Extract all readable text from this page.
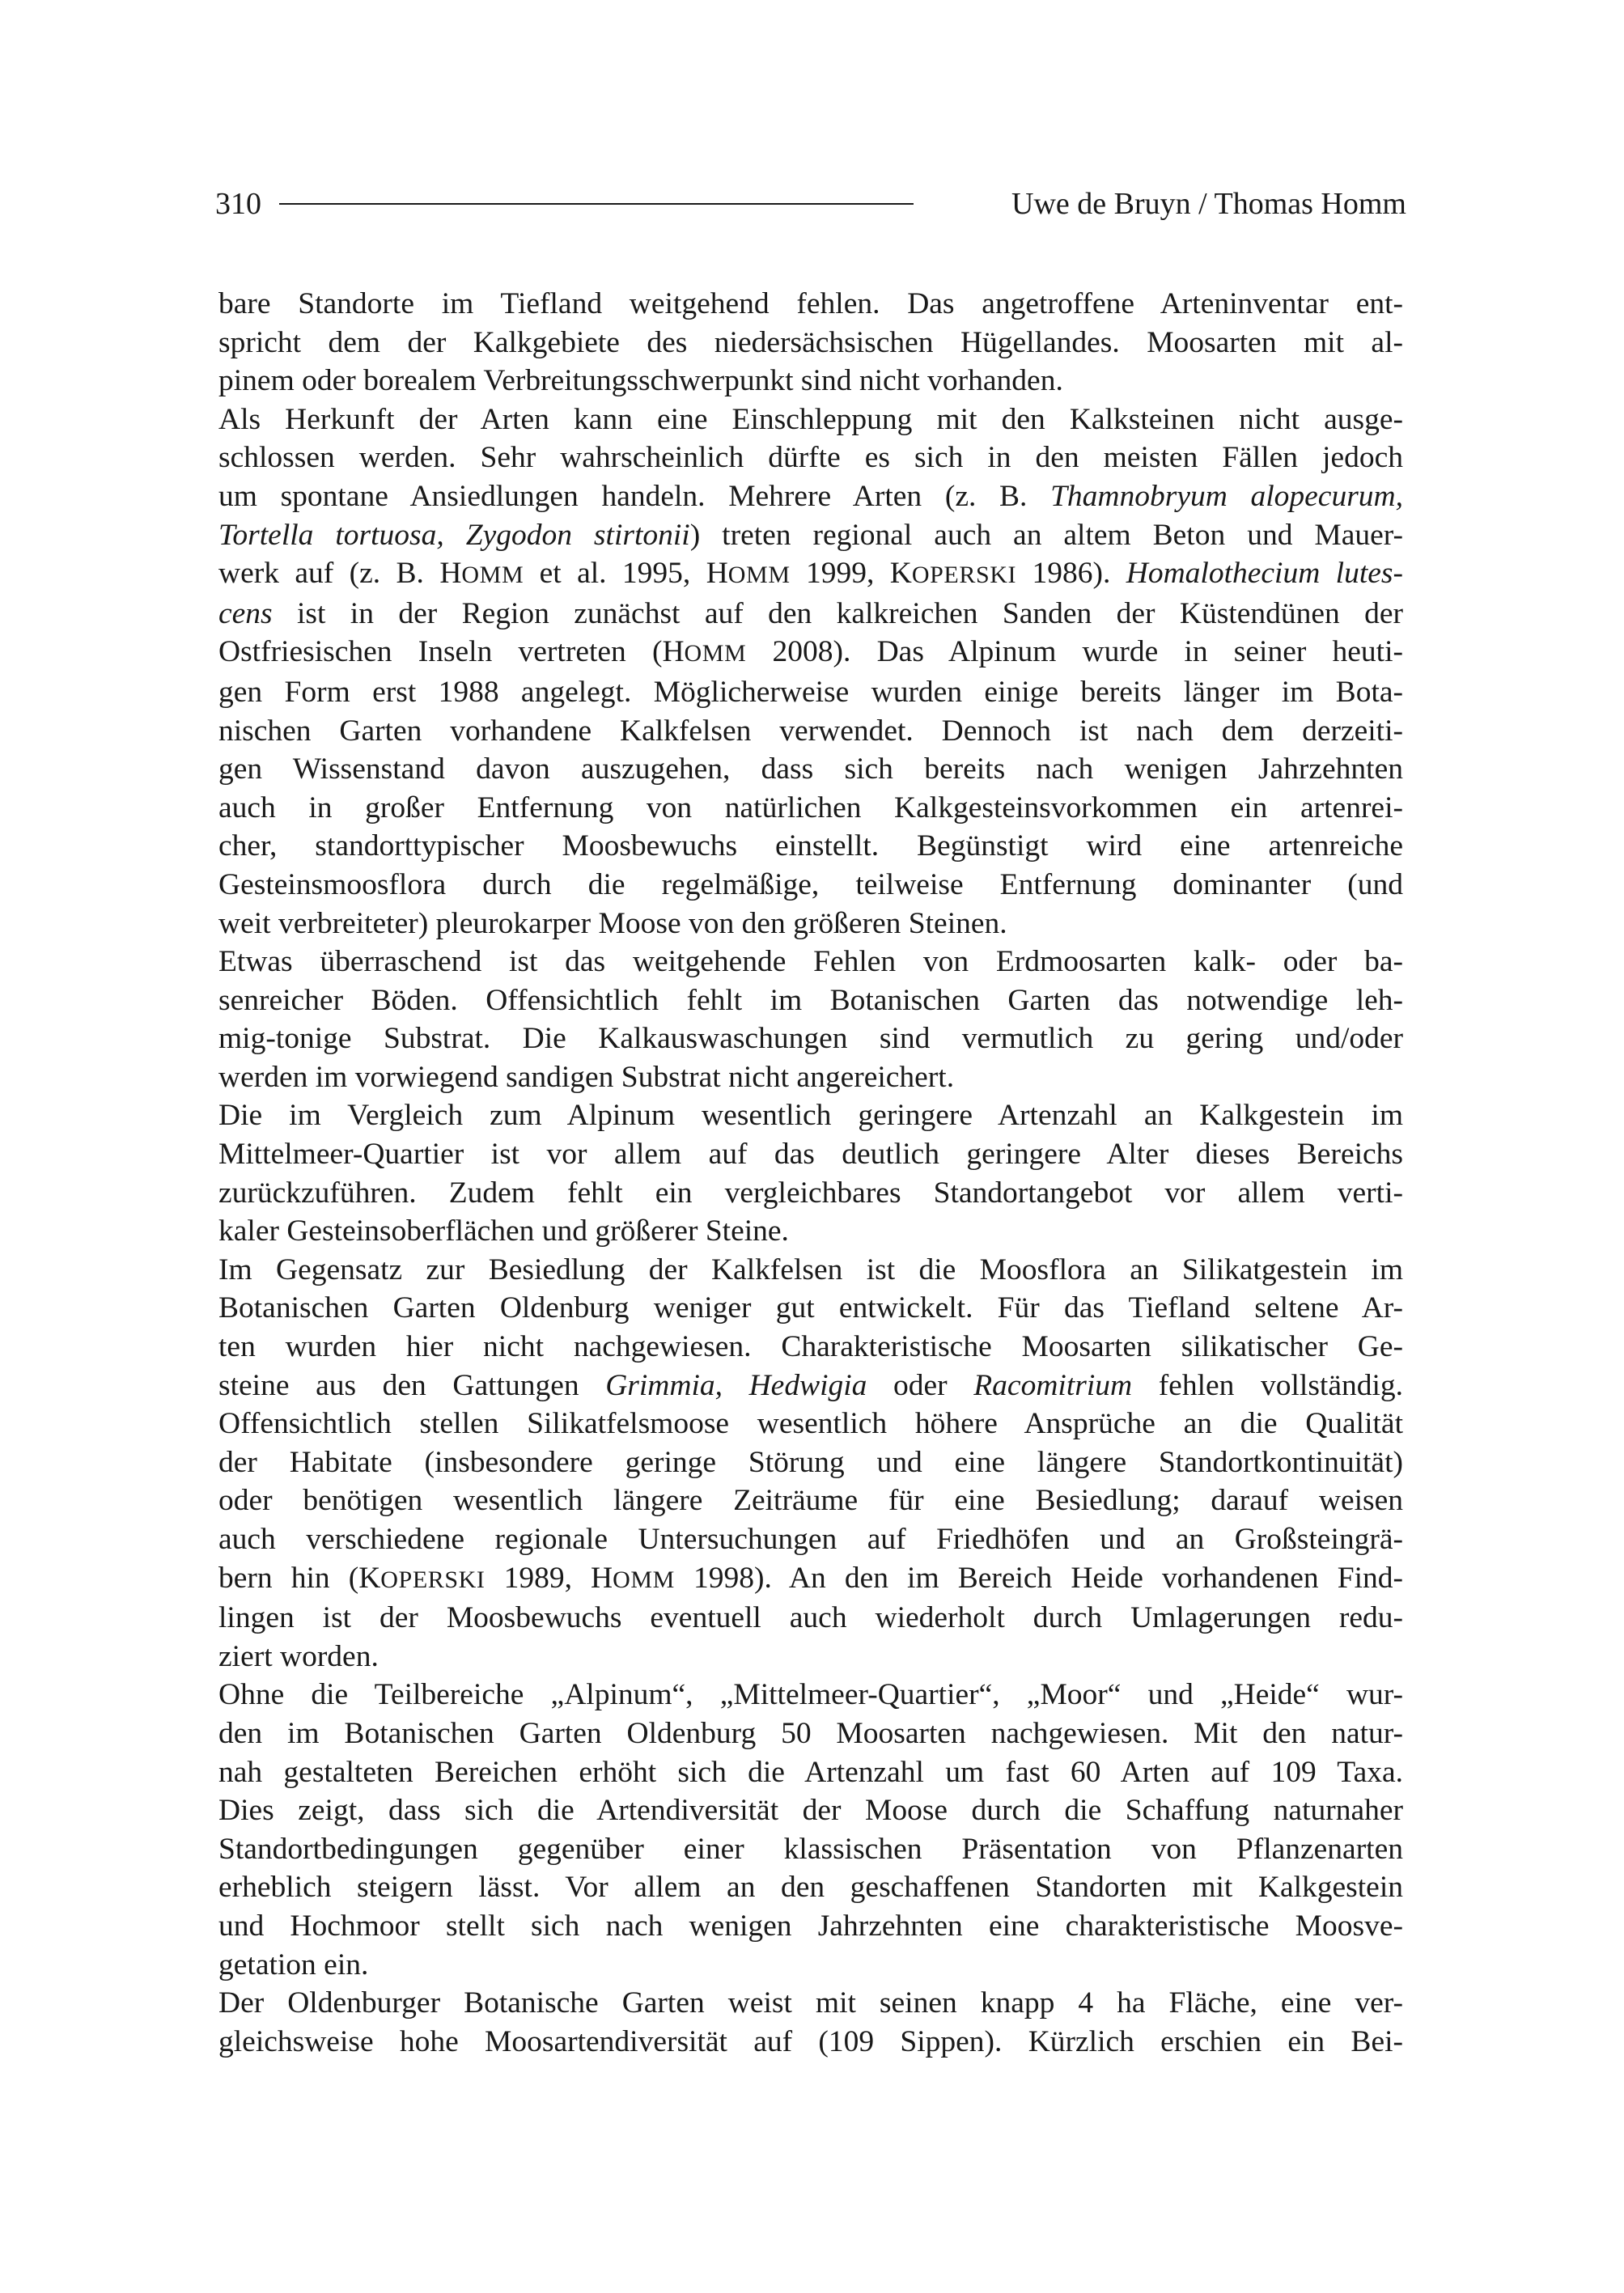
310	Uwe de Bruyn / Thomas Homm
bare Standorte im Tiefland weitgehend fehlen. Das angetroffene Arteninventar ent-
spricht dem der Kalkgebiete des niedersächsischen Hügellandes. Moosarten mit al-
pinem oder borealem Verbreitungsschwerpunkt sind nicht vorhanden.
Als Herkunft der Arten kann eine Einschleppung mit den Kalksteinen nicht ausge-
schlossen werden. Sehr wahrscheinlich dürfte es sich in den meisten Fällen jedoch
um spontane Ansiedlungen handeln. Mehrere Arten (z. B. Thamnobryum alopecurum,
Tortella tortuosa, Zygodon stirtonii) treten regional auch an altem Beton und Mauer-
werk auf (z. B. HOMM et al. 1995, HOMM 1999, KOPERSKI 1986). Homalothecium lutes-
cens ist in der Region zunächst auf den kalkreichen Sanden der Küstendünen der
Ostfriesischen Inseln vertreten (HOMM 2008). Das Alpinum wurde in seiner heuti-
gen Form erst 1988 angelegt. Möglicherweise wurden einige bereits länger im Bota-
nischen Garten vorhandene Kalkfelsen verwendet. Dennoch ist nach dem derzeiti-
gen Wissenstand davon auszugehen, dass sich bereits nach wenigen Jahrzehnten
auch in großer Entfernung von natürlichen Kalkgesteinsvorkommen ein artenrei-
cher, standorttypischer Moosbewuchs einstellt. Begünstigt wird eine artenreiche
Gesteinsmoosflora durch die regelmäßige, teilweise Entfernung dominanter (und
weit verbreiteter) pleurokarper Moose von den größeren Steinen.
Etwas überraschend ist das weitgehende Fehlen von Erdmoosarten kalk- oder ba-
senreicher Böden. Offensichtlich fehlt im Botanischen Garten das notwendige leh-
mig-tonige Substrat. Die Kalkauswaschungen sind vermutlich zu gering und/oder
werden im vorwiegend sandigen Substrat nicht angereichert.
Die im Vergleich zum Alpinum wesentlich geringere Artenzahl an Kalkgestein im
Mittelmeer-Quartier ist vor allem auf das deutlich geringere Alter dieses Bereichs
zurückzuführen. Zudem fehlt ein vergleichbares Standortangebot vor allem verti-
kaler Gesteinsoberflächen und größerer Steine.
Im Gegensatz zur Besiedlung der Kalkfelsen ist die Moosflora an Silikatgestein im
Botanischen Garten Oldenburg weniger gut entwickelt. Für das Tiefland seltene Ar-
ten wurden hier nicht nachgewiesen. Charakteristische Moosarten silikatischer Ge-
steine aus den Gattungen Grimmia, Hedwigia oder Racomitrium fehlen vollständig.
Offensichtlich stellen Silikatfelsmoose wesentlich höhere Ansprüche an die Qualität
der Habitate (insbesondere geringe Störung und eine längere Standortkontinuität)
oder benötigen wesentlich längere Zeiträume für eine Besiedlung; darauf weisen
auch verschiedene regionale Untersuchungen auf Friedhöfen und an Großsteingrä-
bern hin (KOPERSKI 1989, HOMM 1998). An den im Bereich Heide vorhandenen Find-
lingen ist der Moosbewuchs eventuell auch wiederholt durch Umlagerungen redu-
ziert worden.
Ohne die Teilbereiche „Alpinum“, „Mittelmeer-Quartier“, „Moor“ und „Heide“ wur-
den im Botanischen Garten Oldenburg 50 Moosarten nachgewiesen. Mit den natur-
nah gestalteten Bereichen erhöht sich die Artenzahl um fast 60 Arten auf 109 Taxa.
Dies zeigt, dass sich die Artendiversität der Moose durch die Schaffung naturnaher
Standortbedingungen gegenüber einer klassischen Präsentation von Pflanzenarten
erheblich steigern lässt. Vor allem an den geschaffenen Standorten mit Kalkgestein
und Hochmoor stellt sich nach wenigen Jahrzehnten eine charakteristische Moosve-
getation ein.
Der Oldenburger Botanische Garten weist mit seinen knapp 4 ha Fläche, eine ver-
gleichsweise hohe Moosartendiversität auf (109 Sippen). Kürzlich erschien ein Bei-
